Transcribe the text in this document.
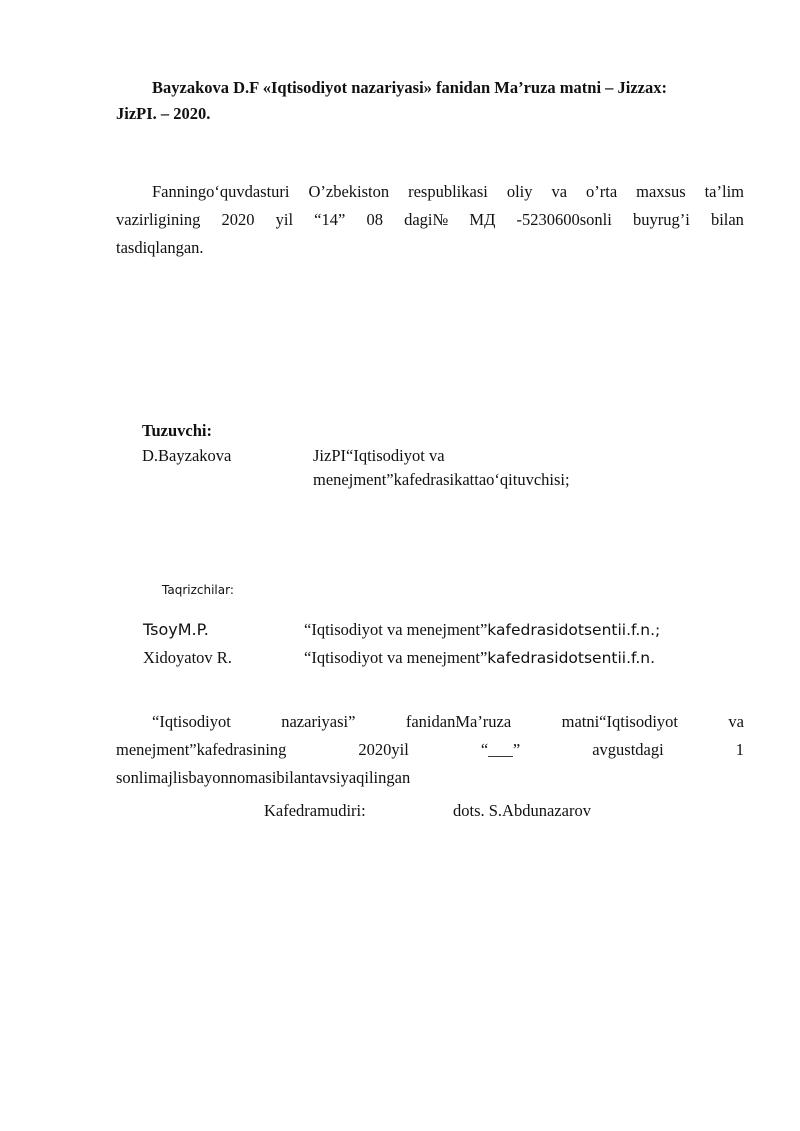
Bayzakova D.F «Iqtisodiyot nazariyasi» fanidan Ma’ruza matni – Jizzax:
JizPI. – 2020.
Fanningo‘quvdasturi O’zbekiston respublikasi oliy va o’rta maxsus ta’lim
vazirligining 2020 yil “14” 08 dagi№ МД -5230600sonli buyrug’i bilan
tasdiqlangan.
Tuzuvchi:
D.Bayzakova	JizPI“Iqtisodiyot va
menejment”kafedrasikattao‘qituvchisi;
Taqrizchilar:
TsoyM.P.	“Iqtisodiyot va menejment”kafedrasidotsentii.f.n.;
Xidoyatov R.	“Iqtisodiyot va menejment”kafedrasidotsentii.f.n.
“Iqtisodiyot	nazariyasi”	fanidanMa’ruza	matni“Iqtisodiyot	va
menejment”kafedrasining	2020yil	“___”	avgustdagi	1
sonlimajlisbayonnomasibilantavsiyaqilingan
Kafedramudiri:	dots. S.Abdunazarov
